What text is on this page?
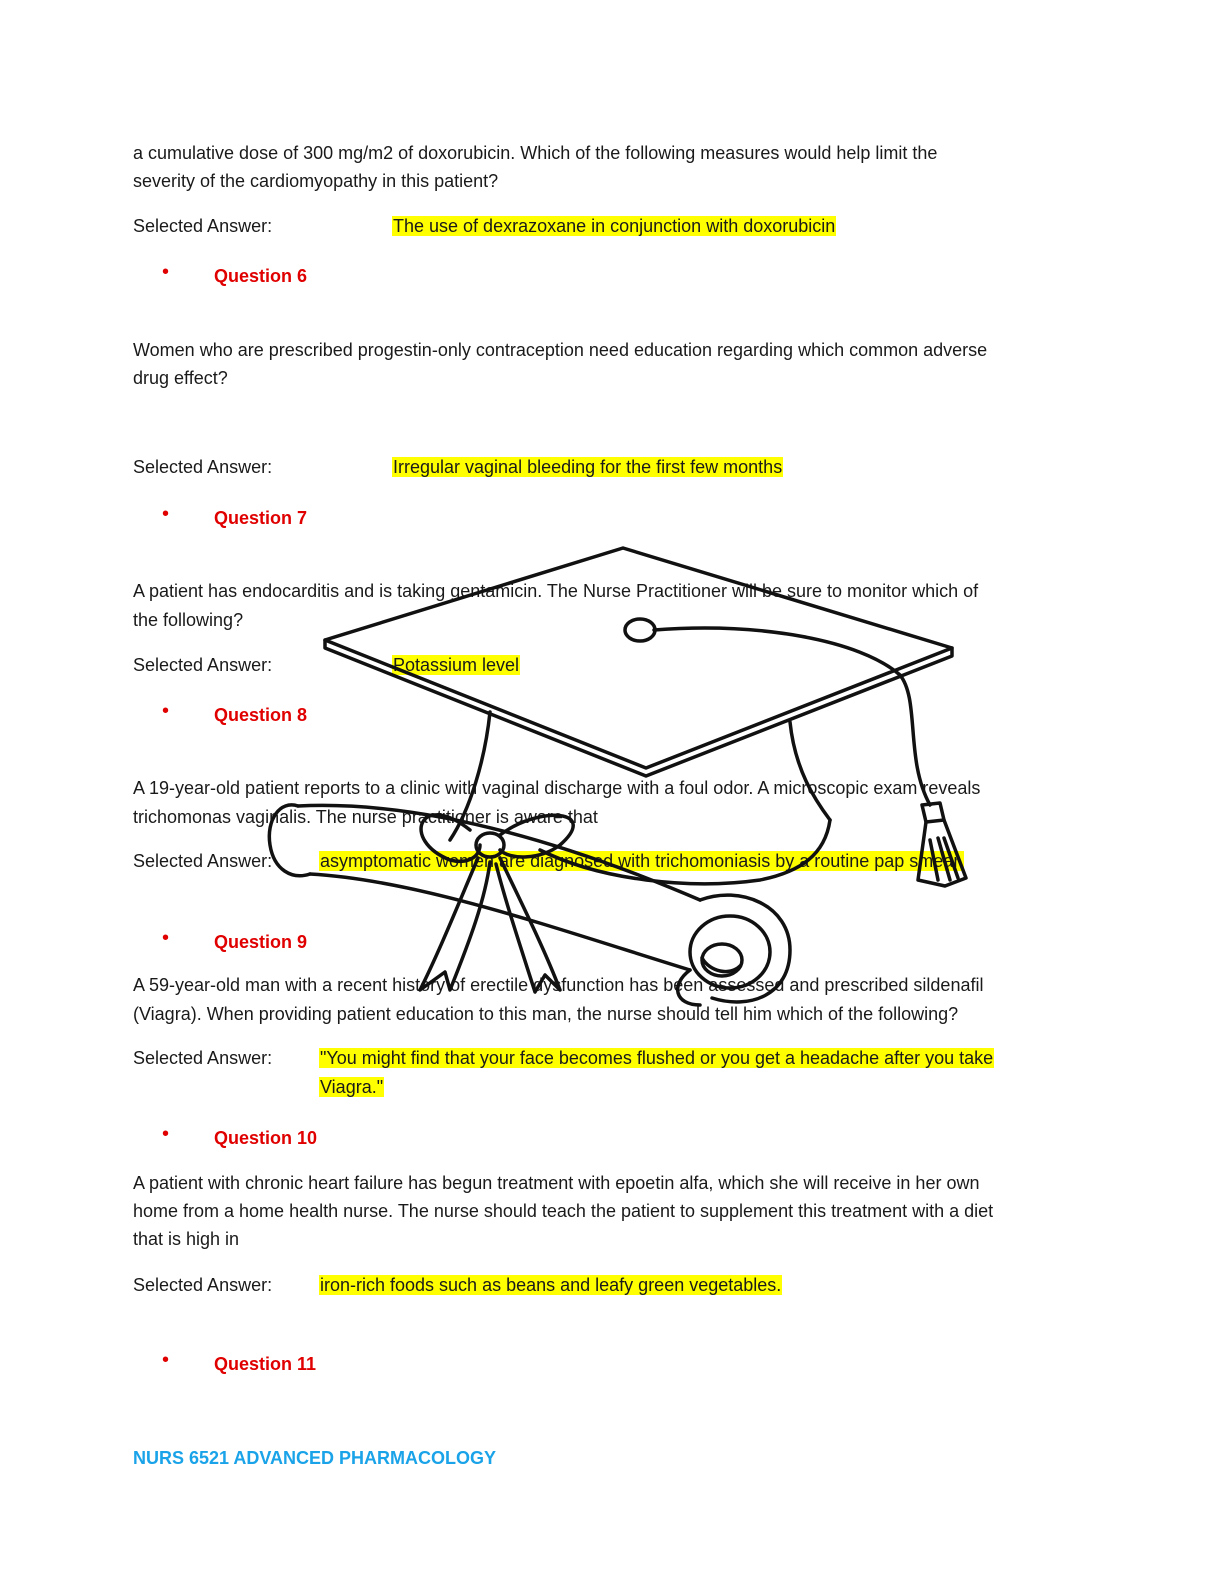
a cumulative dose of 300 mg/m2 of doxorubicin. Which of the following measures would help limit the
severity of the cardiomyopathy in this patient?
Selected Answer:	The use of dexrazoxane in conjunction with doxorubicin
• Question 6
Women who are prescribed progestin-only contraception need education regarding which common adverse
drug effect?
Selected Answer:	Irregular vaginal bleeding for the first few months
• Question 7
A patient has endocarditis and is taking gentamicin. The Nurse Practitioner will be sure to monitor which of
the following?
Selected Answer:	Potassium level
• Question 8
A 19-year-old patient reports to a clinic with vaginal discharge with a foul odor. A microscopic exam reveals
trichomonas vaginalis. The nurse practitioner is aware that
Selected Answer:	asymptomatic women are diagnosed with trichomoniasis by a routine pap smear.
• Question 9
A 59-year-old man with a recent history of erectile dysfunction has been assessed and prescribed sildenafil
(Viagra). When providing patient education to this man, the nurse should tell him which of the following?
Selected Answer:	"You might find that your face becomes flushed or you get a headache after you take
Viagra."
• Question 10
A patient with chronic heart failure has begun treatment with epoetin alfa, which she will receive in her own
home from a home health nurse. The nurse should teach the patient to supplement this treatment with a diet
that is high in
Selected Answer:	iron-rich foods such as beans and leafy green vegetables.
• Question 11
NURS 6521 ADVANCED PHARMACOLOGY
